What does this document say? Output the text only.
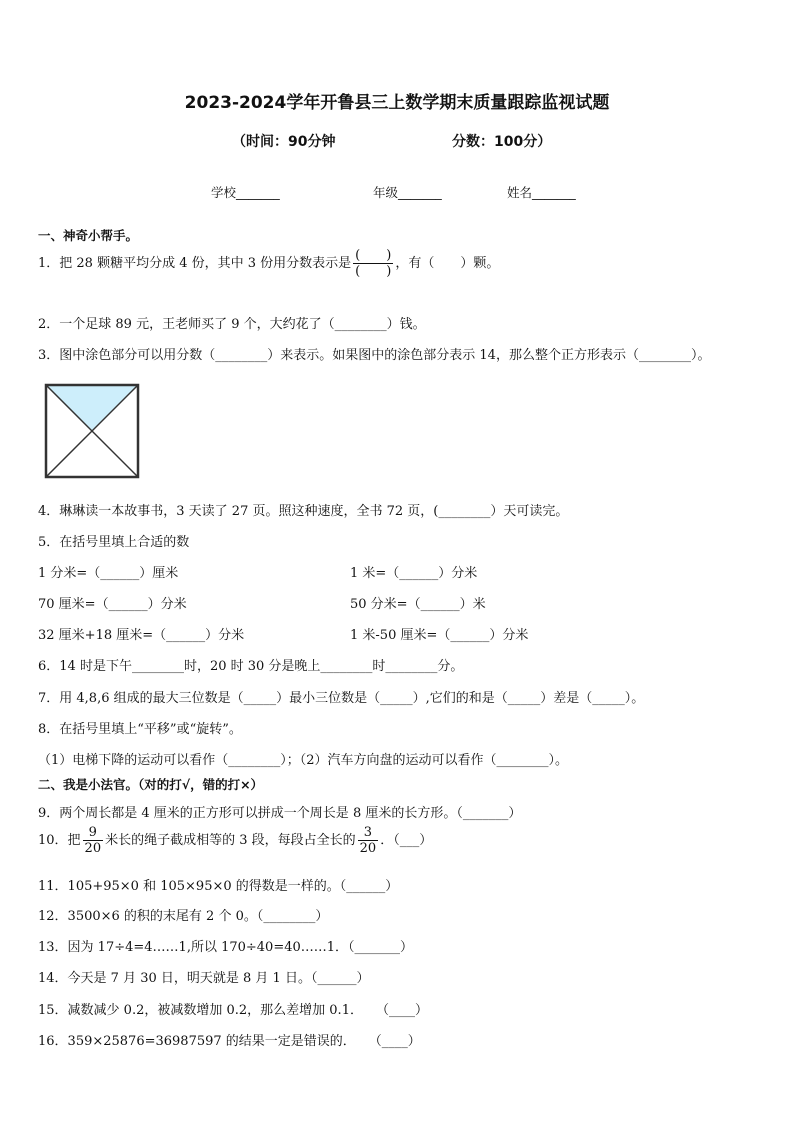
2023-2024学年开鲁县三上数学期末质量跟踪监视试题
（时间：90分钟	分数：100分）
学校_______	年级_______	姓名_______
一、神奇小帮手。
1．把 28 颗糖平均分成 4 份，其中 3 份用分数表示是 $\frac{( )}{( )}$ ，有（　　）颗。
2．一个足球 89 元，王老师买了 9 个，大约花了（________）钱。
3．图中涂色部分可以用分数（________）来表示。如果图中的涂色部分表示 14，那么整个正方形表示（________）。
4．琳琳读一本故事书，3 天读了 27 页。照这种速度，全书 72 页，(________）天可读完。
5．在括号里填上合适的数
1 分米=（______）厘米	1 米=（______）分米
70 厘米=（______）分米	50 分米=（______）米
32 厘米+18 厘米=（______）分米	1 米-50 厘米=（______）分米
6．14 时是下午________时，20 时 30 分是晚上________时________分。
7．用 4,8,6 组成的最大三位数是（_____）最小三位数是（_____）,它们的和是（_____）差是（_____）。
8．在括号里填上“平移”或“旋转”。
（1）电梯下降的运动可以看作（________）；（2）汽车方向盘的运动可以看作（________）。
二、我是小法官。（对的打√，错的打×）
9．两个周长都是 4 厘米的正方形可以拼成一个周长是 8 厘米的长方形。（_______）
10．把 $\frac{9}{20}$ 米长的绳子截成相等的 3 段，每段占全长的 $\frac{3}{20}$ ．（___）
11．105+95×0 和 105×95×0 的得数是一样的。（______）
12．3500×6 的积的末尾有 2 个 0。（________）
13．因为 17÷4=4……1,所以 170÷40=40……1．（_______）
14．今天是 7 月 30 日，明天就是 8 月 1 日。（______）
15．减数减少 0.2，被减数增加 0.2，那么差增加 0.1．　　（____）
16．359×25876=36987597 的结果一定是错误的．　　（____）
